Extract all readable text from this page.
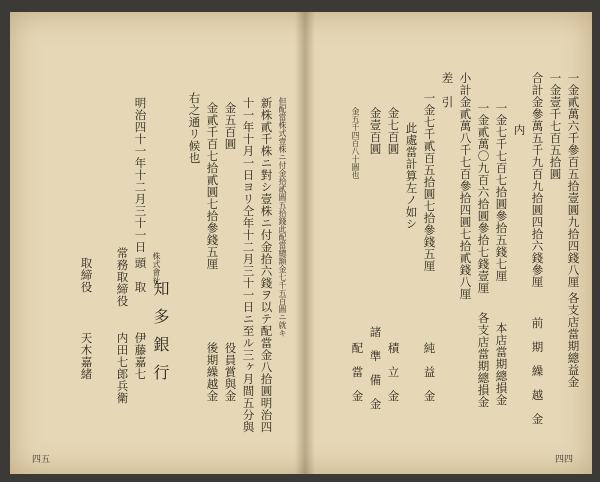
四四
一金貳萬六千參百五拾壹圓九拾四錢八厘
一金壹千七百五拾圓
合計金參萬五千九百九拾圓四拾六錢參厘
内
一金七千七百七拾圓參拾五錢七厘
一金貳萬〇九百六拾圓參拾七錢壹厘
小計金貳萬八千七百參拾四圓七拾貳錢八厘
差　引
一金七千貳百五拾圓七拾參錢五厘
此處當計算左ノ如シ
金七百圓
金壹百圓
金五千四百八十圓也
各支店當期總益金
前　期　繰　越　金
本店當期總損金
各支店當期總損金
純　益　金
積　立　金
諸　準　備　金
配　當　金
四五
但配當株式壹株ニ付金拾貳圓五拾錢此配當總額金七千五百圓ニ就キ
新株貳千株ニ對シ壹株ニ付金拾六錢ヲ以テ配當金八拾圓明治四
十一年十月一日ヨリ仝年十二月三十一日ニ至ル三ヶ月間五分與
金五百圓
金貳千百七拾貳圓七拾參錢五厘
右之通リ候也
明治四十一年十二月三十一日
株式會社
知多銀行	役員賞與金
後期繰越金
頭　取
伊藤嘉七
常務取締役
内田七郎兵衛
取締役
天木嘉緒
